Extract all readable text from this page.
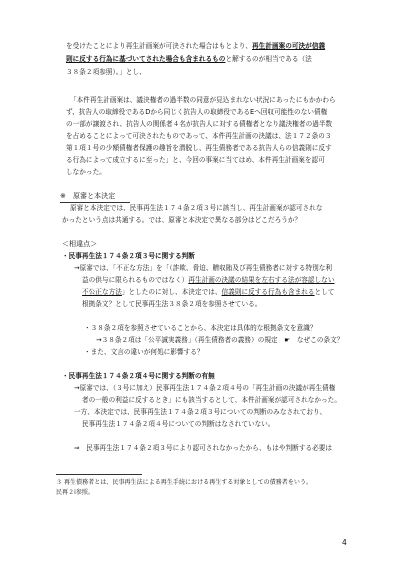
を受けたことにより再生計画案が可決された場合はもとより、再生計画案の可決が信義
則に反する行為に基づいてされた場合も含まれるものと解するのが相当である（法
３８条２項参照）。」とし、
「本件再生計画案は、議決権者の過半数の同意が見込まれない状況にあったにもかかわら
ず、抗告人の取締役であるDから同じく抗告人の取締役であるEへ回収可能性のない債権
の一部が譲渡され、抗告人の関係者４名が抗告人に対する債権者となり議決権者の過半数
を占めることによって可決されたものであって、本件再生計画の決議は、法１７２条の３
第１項１号の少額債権者保護の趣旨を潜脱し、再生債務者である抗告人らの信義則に反す
る行為によって成立するに至った」と、今回の事案に当てはめ、本件再生計画案を認可
しなかった。
※　原審と本決定
原審と本決定では、民事再生法１７４条２項３号に該当し、再生計画案が認可されな
かったという点は共通する。では、原審と本決定で異なる部分はどこだろうか？
＜相違点＞
・民事再生法１７４条２項３号に関する判断
→原審では、「不正な方法」を「（詐欺、脅迫、贈収賄及び再生債務者に対する特別な利
益の供与に限られるものではなく）再生計画の決議の結果を左右する法が容認しない
不公正な方法」としたのに対し、本決定では、信義則に反する行為も含まれるとして
根拠条文？として民事再生法３８条２項を参照させている。
・３８条２項を参照させていることから、本決定は具体的な根拠条文を意識？
→３８条２項は「公平誠実義務」（再生債務者の義務）の規定　☛　なぜこの条文？
・また、文言の違いが何処に影響する？
・民事再生法１７４条２項４号に関する判断の有無
→原審では、（３号に加え）民事再生法１７４条２項４号の「再生計画の決議が再生債権
者の一般の利益に反するとき」にも該当するとして、本件計画案が認可されなかった。
一方、本決定では、民事再生法１７４条２項３号についての判断のみなされており、
民事再生法１７４条２項４号についての判断はなされていない。
⇒　民事再生法１７４条２項３号により認可されなかったから、もはや判断する必要は
３ 再生債務者とは、民事再生法による再生手続における再生する対象としての債務者をいう。
民再２ⅰ参照。
4
